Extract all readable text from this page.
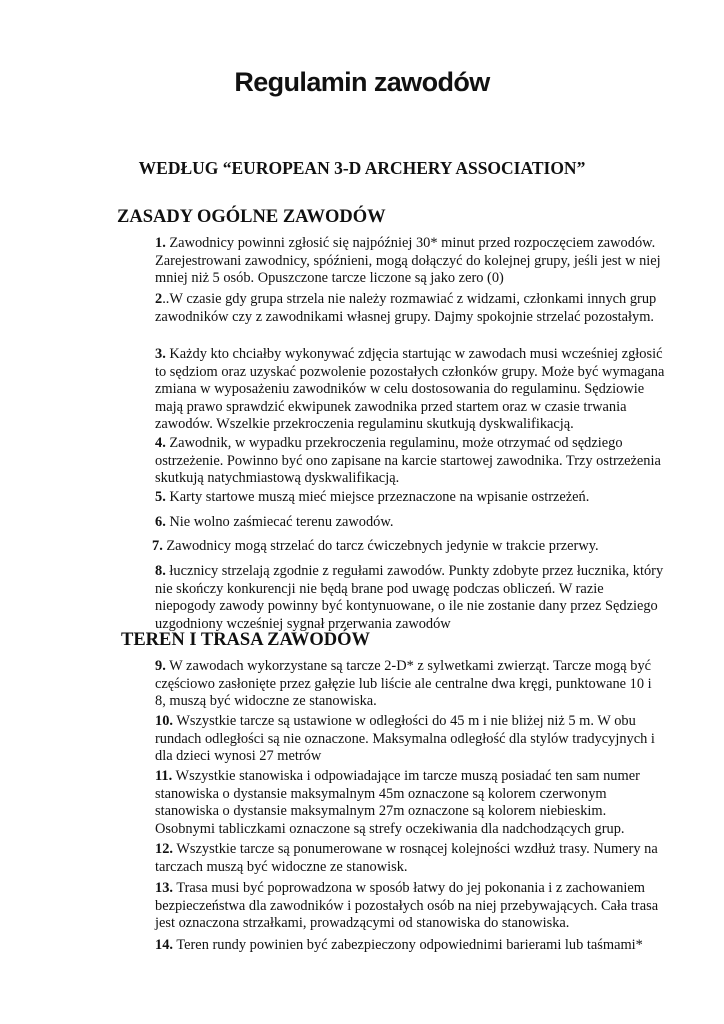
Regulamin zawodów
WEDŁUG “EUROPEAN 3-D ARCHERY ASSOCIATION”
ZASADY OGÓLNE ZAWODÓW
1. Zawodnicy powinni zgłosić się najpóźniej 30* minut przed rozpoczęciem zawodów. Zarejestrowani zawodnicy, spóźnieni, mogą dołączyć do kolejnej grupy, jeśli jest w niej mniej niż 5 osób. Opuszczone tarcze liczone są jako zero (0)
2..W czasie gdy grupa strzela nie należy rozmawiać z widzami, członkami innych grup zawodników czy z zawodnikami własnej grupy. Dajmy spokojnie strzelać pozostałym.
3. Każdy kto chciałby wykonywać zdjęcia startując w zawodach musi wcześniej zgłosić to sędziom oraz uzyskać pozwolenie pozostałych członków grupy. Może być wymagana zmiana w wyposażeniu zawodników w celu dostosowania do regulaminu. Sędziowie mają prawo sprawdzić ekwipunek zawodnika przed startem oraz w czasie trwania zawodów. Wszelkie przekroczenia regulaminu skutkują dyskwalifikacją.
4. Zawodnik, w wypadku przekroczenia regulaminu, może otrzymać od sędziego ostrzeżenie. Powinno być ono zapisane na karcie startowej zawodnika. Trzy ostrzeżenia skutkują natychmiastową dyskwalifikacją.
5. Karty startowe muszą mieć miejsce przeznaczone na wpisanie ostrzeżeń.
6. Nie wolno zaśmiecać terenu zawodów.
7. Zawodnicy mogą strzelać do tarcz ćwiczebnych jedynie w trakcie przerwy.
8. łucznicy strzelają zgodnie z regułami zawodów. Punkty zdobyte przez łucznika, który nie skończy konkurencji nie będą brane pod uwagę podczas obliczeń. W razie niepogody zawody powinny być kontynuowane, o ile nie zostanie dany przez Sędziego uzgodniony wcześniej sygnał przerwania zawodów
TEREN I TRASA ZAWODÓW
9. W zawodach wykorzystane są tarcze 2-D* z sylwetkami zwierząt. Tarcze mogą być częściowo zasłonięte przez gałęzie lub liście ale centralne dwa kręgi, punktowane 10 i 8, muszą być widoczne ze stanowiska.
10. Wszystkie tarcze są ustawione w odległości do 45 m i nie bliżej niż 5 m. W obu rundach odległości są nie oznaczone. Maksymalna odległość dla stylów tradycyjnych i dla dzieci wynosi 27 metrów
11. Wszystkie stanowiska i odpowiadające im tarcze muszą posiadać ten sam numer stanowiska o dystansie maksymalnym 45m oznaczone są kolorem czerwonym stanowiska o dystansie maksymalnym 27m oznaczone są kolorem niebieskim. Osobnymi tabliczkami oznaczone są strefy oczekiwania dla nadchodzących grup.
12. Wszystkie tarcze są ponumerowane w rosnącej kolejności wzdłuż trasy. Numery na tarczach muszą być widoczne ze stanowisk.
13. Trasa musi być poprowadzona w sposób łatwy do jej pokonania i z zachowaniem bezpieczeństwa dla zawodników i pozostałych osób na niej przebywających. Cała trasa jest oznaczona strzałkami, prowadzącymi od stanowiska do stanowiska.
14. Teren rundy powinien być zabezpieczony odpowiednimi barierami lub taśmami*
